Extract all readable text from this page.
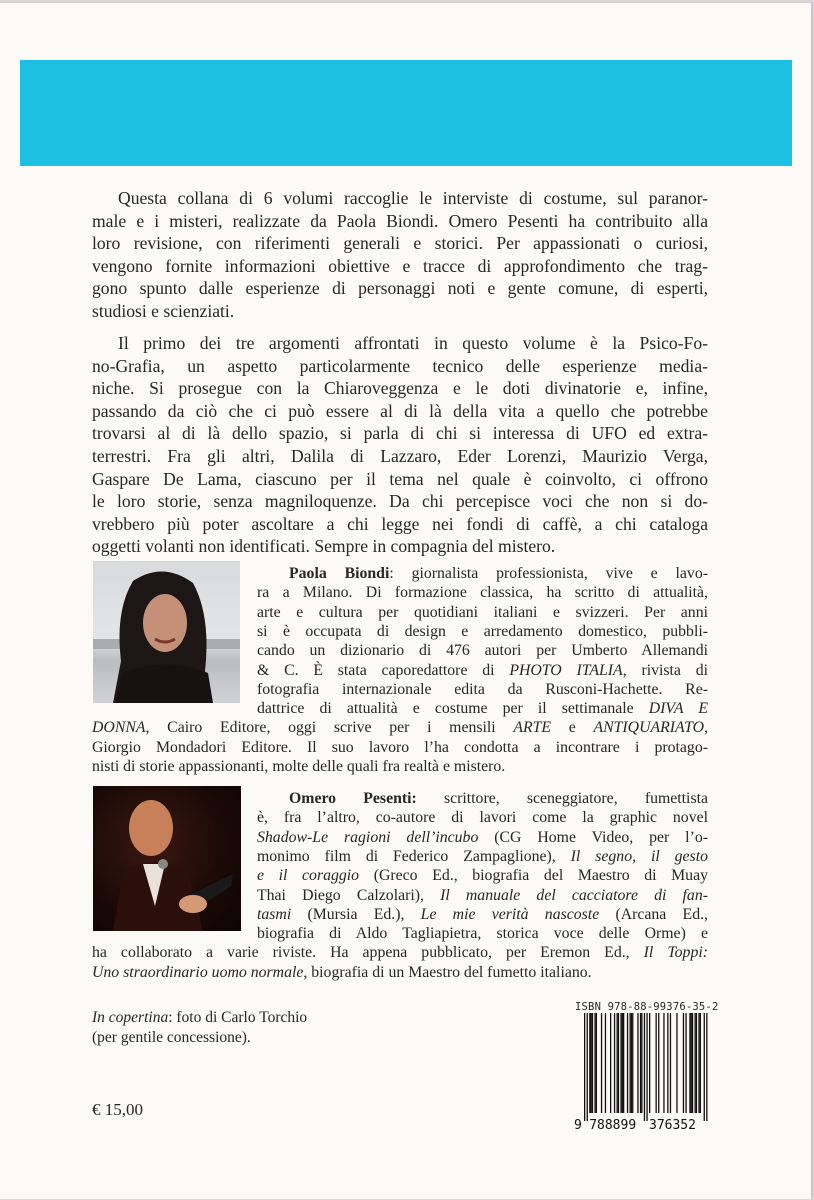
Questa collana di 6 volumi raccoglie le interviste di costume, sul paranor-
male e i misteri, realizzate da Paola Biondi. Omero Pesenti ha contribuito alla
loro revisione, con riferimenti generali e storici. Per appassionati o curiosi,
vengono fornite informazioni obiettive e tracce di approfondimento che trag-
gono spunto dalle esperienze di personaggi noti e gente comune, di esperti,
studiosi e scienziati.
Il primo dei tre argomenti affrontati in questo volume è la Psico-Fo-
no-Grafia, un aspetto particolarmente tecnico delle esperienze media-
niche. Si prosegue con la Chiaroveggenza e le doti divinatorie e, infine,
passando da ciò che ci può essere al di là della vita a quello che potrebbe
trovarsi al di là dello spazio, si parla di chi si interessa di UFO ed extra-
terrestri. Fra gli altri, Dalila di Lazzaro, Eder Lorenzi, Maurizio Verga,
Gaspare De Lama, ciascuno per il tema nel quale è coinvolto, ci offrono
le loro storie, senza magniloquenze. Da chi percepisce voci che non si do-
vrebbero più poter ascoltare a chi legge nei fondi di caffè, a chi cataloga
oggetti volanti non identificati. Sempre in compagnia del mistero.
Paola Biondi: giornalista professionista, vive e lavo-
ra a Milano. Di formazione classica, ha scritto di attualità,
arte e cultura per quotidiani italiani e svizzeri. Per anni
si è occupata di design e arredamento domestico, pubbli-
cando un dizionario di 476 autori per Umberto Allemandi
& C. È stata caporedattore di PHOTO ITALIA, rivista di
fotografia internazionale edita da Rusconi-Hachette. Re-
dattrice di attualità e costume per il settimanale DIVA E
DONNA, Cairo Editore, oggi scrive per i mensili ARTE e ANTIQUARIATO,
Giorgio Mondadori Editore. Il suo lavoro l’ha condotta a incontrare i protago-
nisti di storie appassionanti, molte delle quali fra realtà e mistero.
Omero Pesenti: scrittore, sceneggiatore, fumettista
è, fra l’altro, co-autore di lavori come la graphic novel
Shadow-Le ragioni dell’incubo (CG Home Video, per l’o-
monimo film di Federico Zampaglione), Il segno, il gesto
e il coraggio (Greco Ed., biografia del Maestro di Muay
Thai Diego Calzolari), Il manuale del cacciatore di fan-
tasmi (Mursia Ed.), Le mie verità nascoste (Arcana Ed.,
biografia di Aldo Tagliapietra, storica voce delle Orme) e
ha collaborato a varie riviste. Ha appena pubblicato, per Eremon Ed., Il Toppi:
Uno straordinario uomo normale, biografia di un Maestro del fumetto italiano.
In copertina: foto di Carlo Torchio
(per gentile concessione).
€ 15,00
ISBN 978-88-99376-35-2
9 788899 376352
